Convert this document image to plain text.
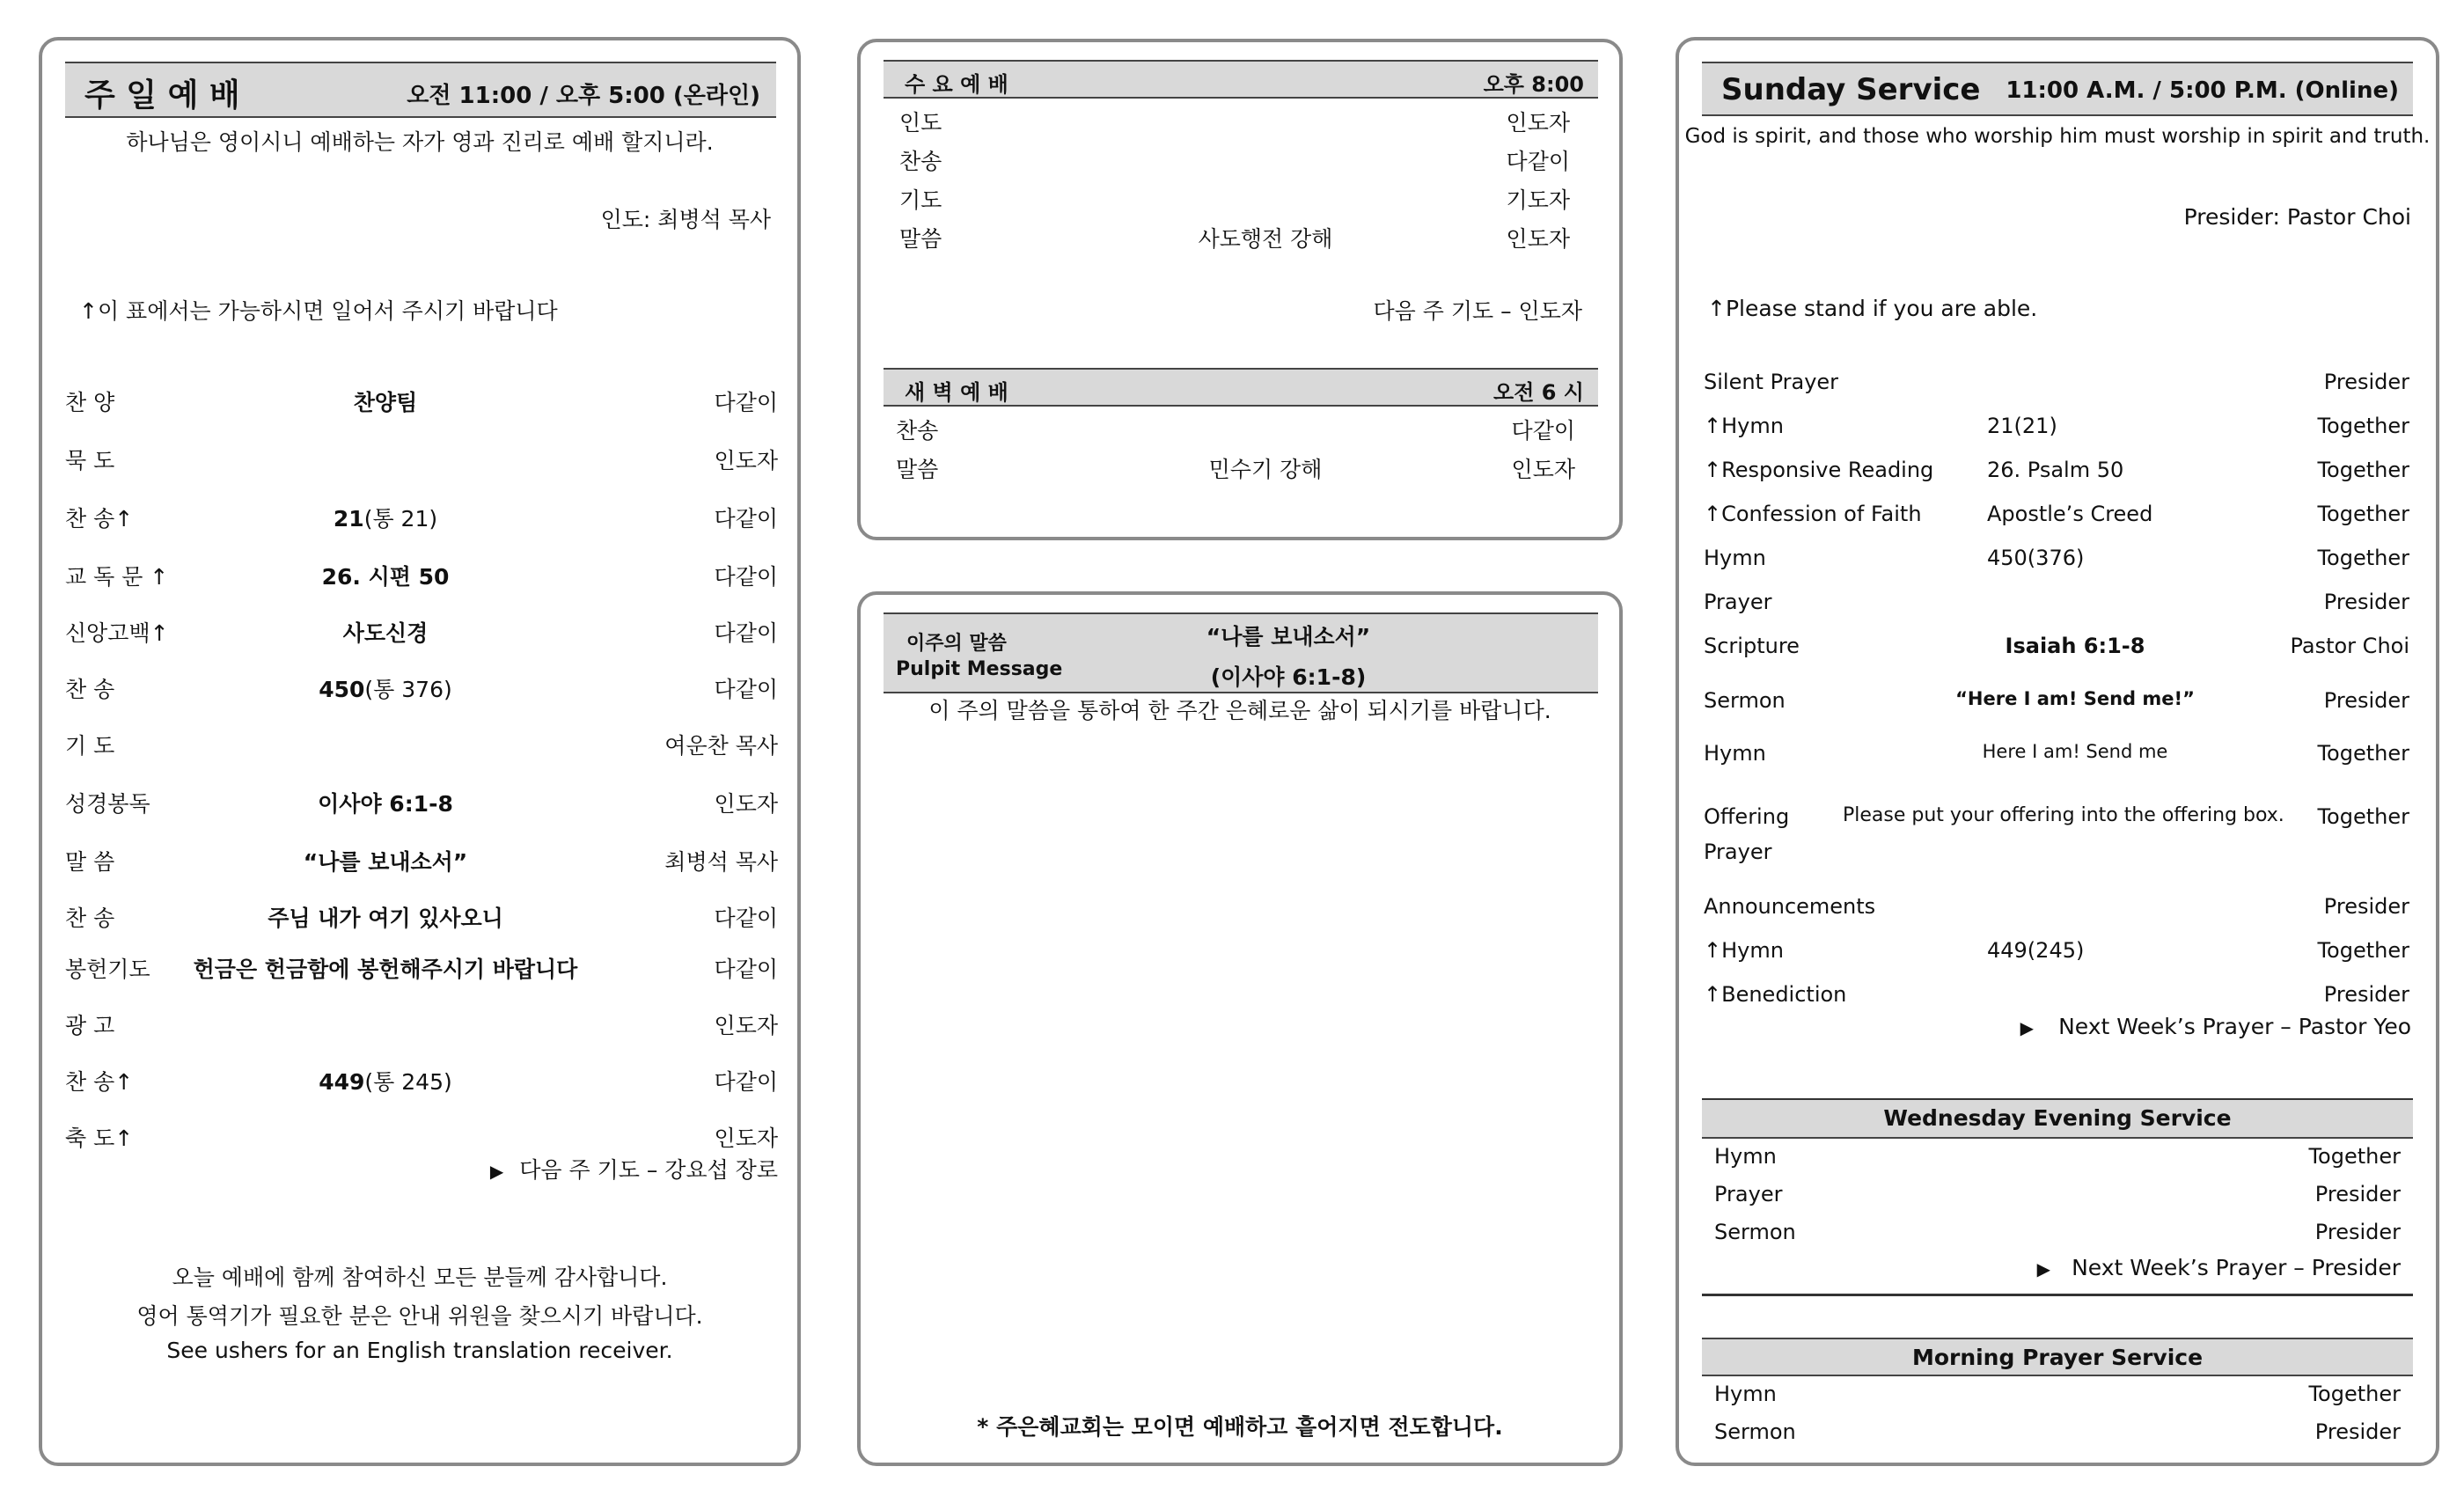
주 일 예 배	오전 11:00 / 오후 5:00 (온라인)
하나님은 영이시니 예배하는 자가 영과 진리로 예배 할지니라.
인도: 최병석 목사
↑이 표에서는 가능하시면 일어서 주시기 바랍니다
찬 양	찬양팀	다같이
묵 도	인도자
찬 송↑	21(통 21)	다같이
교 독 문 ↑	26. 시편 50	다같이
신앙고백↑	사도신경	다같이
찬 송	450(통 376)	다같이
기 도	여운찬 목사
성경봉독	이사야 6:1-8	인도자
말 씀	“나를 보내소서”	최병석 목사
찬 송	주님 내가 여기 있사오니	다같이
봉헌기도	헌금은 헌금함에 봉헌해주시기 바랍니다	다같이
광 고	인도자
찬 송↑	449(통 245)	다같이
축 도↑	인도자
▶ 다음 주 기도 – 강요섭 장로
오늘 예배에 함께 참여하신 모든 분들께 감사합니다.
영어 통역기가 필요한 분은 안내 위원을 찾으시기 바랍니다.
See ushers for an English translation receiver.
수 요 예 배	오후 8:00
인도	인도자
찬송	다같이
기도	기도자
말씀	사도행전 강해	인도자
다음 주 기도 – 인도자
새 벽 예 배	오전 6 시
찬송	다같이
말씀	민수기 강해	인도자
이주의 말씀
Pulpit Message
“나를 보내소서”
(이사야 6:1-8)
이 주의 말씀을 통하여 한 주간 은혜로운 삶이 되시기를 바랍니다.
* 주은혜교회는 모이면 예배하고 흩어지면 전도합니다.
Sunday Service 11:00 A.M. / 5:00 P.M. (Online)
God is spirit, and those who worship him must worship in spirit and truth.
Presider: Pastor Choi
↑Please stand if you are able.
Silent Prayer	Presider
↑Hymn	21(21)	Together
↑Responsive Reading	26. Psalm 50	Together
↑Confession of Faith	Apostle’s Creed	Together
Hymn	450(376)	Together
Prayer	Presider
Scripture	Isaiah 6:1-8	Pastor Choi
Sermon	“Here I am! Send me!”	Presider
Hymn	Here I am! Send me	Together
Offering
Prayer
Please put your offering into the offering box. Together
Announcements	Presider
↑Hymn	449(245)	Together
↑Benediction	Presider
▶ Next Week’s Prayer – Pastor Yeo
Wednesday Evening Service
Hymn	Together
Prayer	Presider
Sermon	Presider
▶ Next Week’s Prayer – Presider
Morning Prayer Service
Hymn	Together
Sermon	Presider
